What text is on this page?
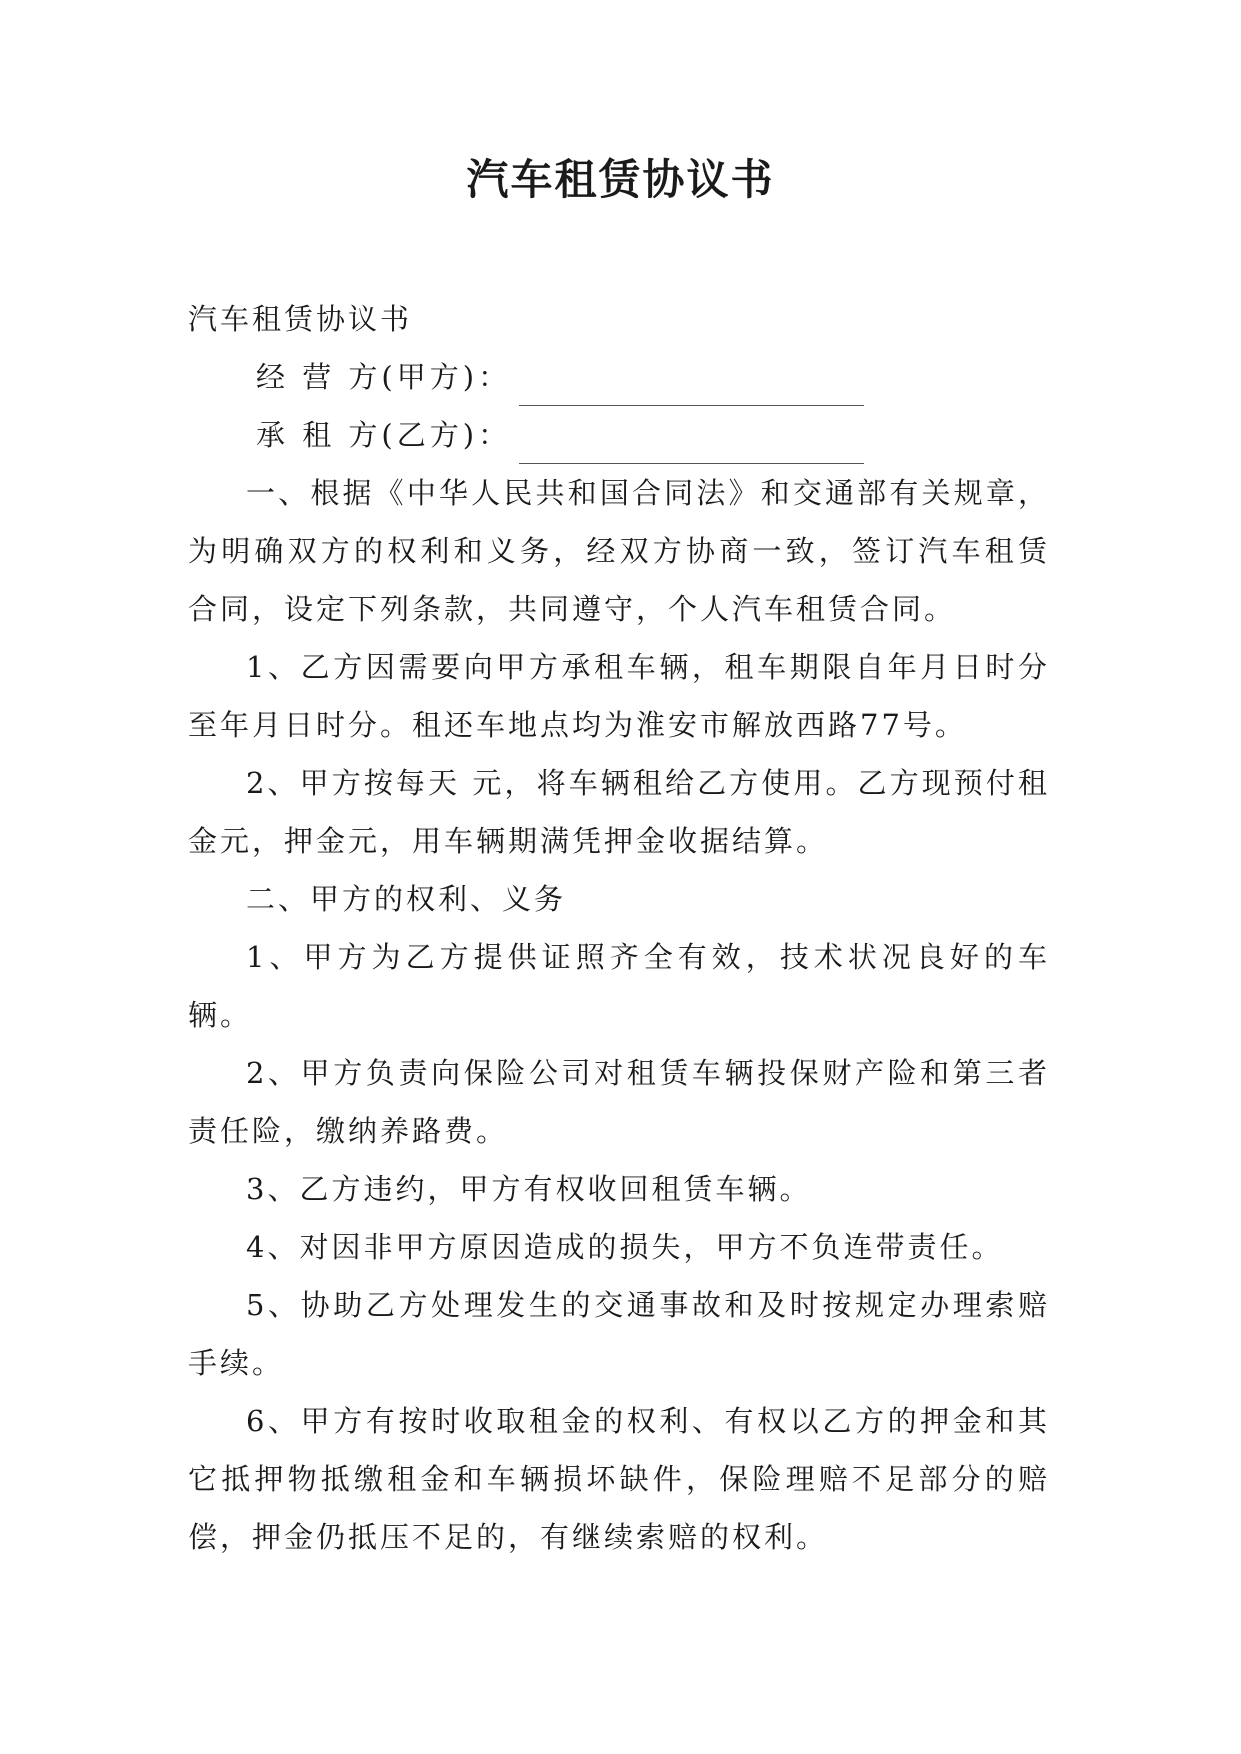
汽车租赁协议书

汽车租赁协议书

经 营 方(甲方)：

承 租 方(乙方)：

一、根据《中华人民共和国合同法》和交通部有关规章，为明确双方的权利和义务，经双方协商一致，签订汽车租赁合同，设定下列条款，共同遵守，个人汽车租赁合同。

1、乙方因需要向甲方承租车辆，租车期限自年月日时分至年月日时分。租还车地点均为淮安市解放西路77号。

2、甲方按每天 元，将车辆租给乙方使用。乙方现预付租金元，押金元，用车辆期满凭押金收据结算。

二、甲方的权利、义务

1、甲方为乙方提供证照齐全有效，技术状况良好的车辆。

2、甲方负责向保险公司对租赁车辆投保财产险和第三者责任险，缴纳养路费。

3、乙方违约，甲方有权收回租赁车辆。

4、对因非甲方原因造成的损失，甲方不负连带责任。

5、协助乙方处理发生的交通事故和及时按规定办理索赔手续。

6、甲方有按时收取租金的权利、有权以乙方的押金和其它抵押物抵缴租金和车辆损坏缺件，保险理赔不足部分的赔偿，押金仍抵压不足的，有继续索赔的权利。
